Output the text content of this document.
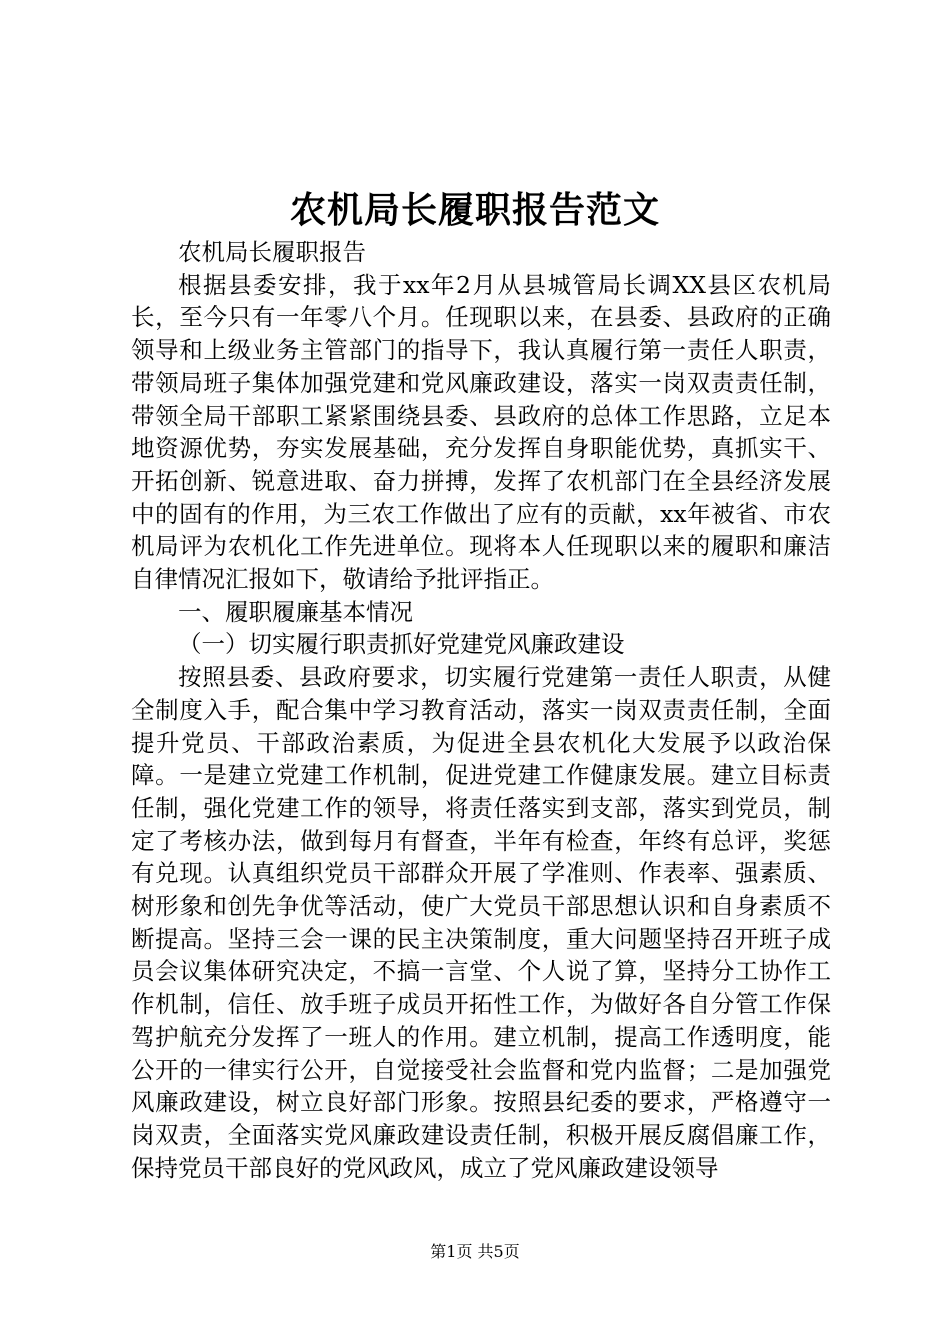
农机局长履职报告范文

农机局长履职报告

根据县委安排，我于xx年2月从县城管局长调XX县区农机局长，至今只有一年零八个月。任现职以来，在县委、县政府的正确领导和上级业务主管部门的指导下，我认真履行第一责任人职责，带领局班子集体加强党建和党风廉政建设，落实一岗双责责任制，带领全局干部职工紧紧围绕县委、县政府的总体工作思路，立足本地资源优势，夯实发展基础，充分发挥自身职能优势，真抓实干、开拓创新、锐意进取、奋力拼搏，发挥了农机部门在全县经济发展中的固有的作用，为三农工作做出了应有的贡献，xx年被省、市农机局评为农机化工作先进单位。现将本人任现职以来的履职和廉洁自律情况汇报如下，敬请给予批评指正。

一、履职履廉基本情况

（一）切实履行职责抓好党建党风廉政建设

按照县委、县政府要求，切实履行党建第一责任人职责，从健全制度入手，配合集中学习教育活动，落实一岗双责责任制，全面提升党员、干部政治素质，为促进全县农机化大发展予以政治保障。一是建立党建工作机制，促进党建工作健康发展。建立目标责任制，强化党建工作的领导，将责任落实到支部，落实到党员，制定了考核办法，做到每月有督查，半年有检查，年终有总评，奖惩有兑现。认真组织党员干部群众开展了学准则、作表率、强素质、树形象和创先争优等活动，使广大党员干部思想认识和自身素质不断提高。坚持三会一课的民主决策制度，重大问题坚持召开班子成员会议集体研究决定，不搞一言堂、个人说了算，坚持分工协作工作机制，信任、放手班子成员开拓性工作，为做好各自分管工作保驾护航充分发挥了一班人的作用。建立机制，提高工作透明度，能公开的一律实行公开，自觉接受社会监督和党内监督；二是加强党风廉政建设，树立良好部门形象。按照县纪委的要求，严格遵守一岗双责，全面落实党风廉政建设责任制，积极开展反腐倡廉工作，保持党员干部良好的党风政风，成立了党风廉政建设领导

第1页 共5页
